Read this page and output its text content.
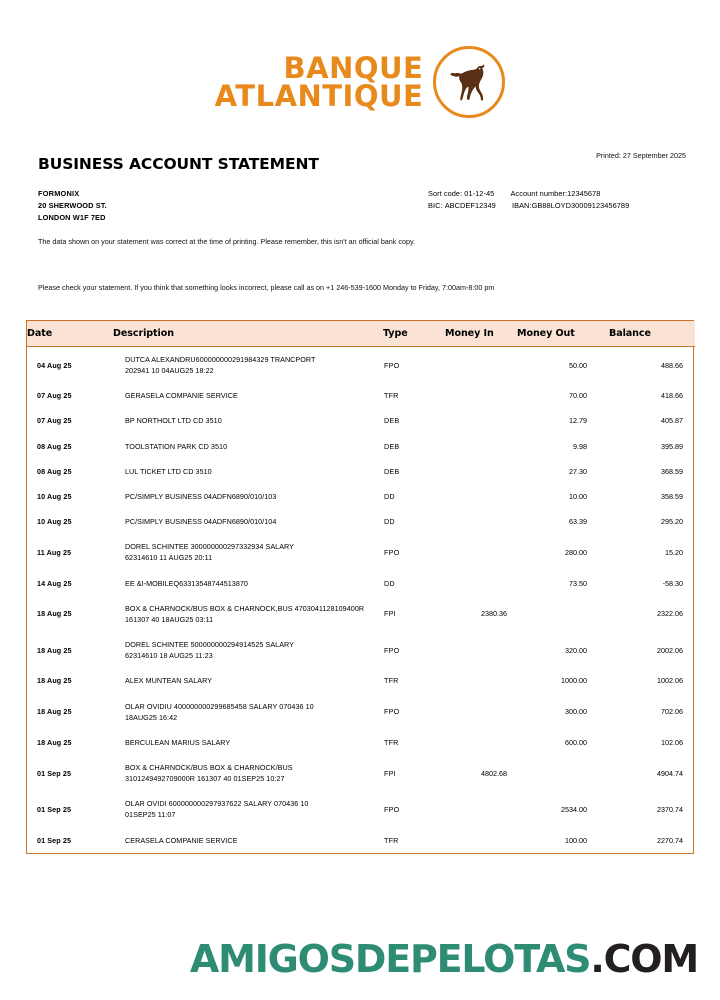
BANQUE
ATLANTIQUE
BUSINESS ACCOUNT STATEMENT	Printed: 27 September 2025
FORMONIX
20 SHERWOOD ST.
LONDON W1F 7ED
Sort code: 01-12-45 Account number:12345678
BIC: ABCDEF12349 IBAN:GB88LOYD30009123456789
The data shown on your statement was correct at the time of printing. Please remember, this isn't an official bank copy.
Please check your statement. If you think that something looks incorrect, please call as on +1 246-539-1600 Monday to Friday, 7:00am-8:00 pm
Date	Description	Type	Money In	Money Out	Balance
04 Aug 25	DUTCA ALEXANDRU600000000291984329 TRANCPORT
202941 10 04AUG25 18:22	FPO		50.00	488.66
07 Aug 25	GERASELA COMPANIE SERVICE	TFR		70.00	418.66
07 Aug 25	BP NORTHOLT LTD CD 3510	DEB		12.79	405.87
08 Aug 25	TOOLSTATION PARK CD 3510	DEB		9.98	395.89
08 Aug 25	LUL TICKET LTD CD 3510	DEB		27.30	368.59
10 Aug 25	PC/SIMPLY BUSINESS 04ADFN6890/010/103	DD		10.00	358.59
10 Aug 25	PC/SIMPLY BUSINESS 04ADFN6890/010/104	DD		63.39	295.20
11 Aug 25	DOREL SCHINTEE 300000000297332934 SALARY
62314610 11 AUG25 20:11	FPO		280.00	15.20
14 Aug 25	EE &I-MOBILEQ63313548744513870	DD		73.50	-58.30
18 Aug 25	BOX & CHARNOCK/BUS BOX & CHARNOCK,BUS 4703041128109400R
161307 40 18AUG25 03:11	FPI	2380.36		2322.06
18 Aug 25	DOREL SCHINTEE 500000000294914525 SALARY
62314610 18 AUG25 11:23	FPO		320.00	2002.06
18 Aug 25	ALEX MUNTEAN SALARY	TFR		1000.00	1002.06
18 Aug 25	OLAR OVIDIU 400000000299685458 SALARY 070436 10
18AUG25 16:42	FPO		300.00	702.06
18 Aug 25	BERCULEAN MARIUS SALARY	TFR		600.00	102.06
01 Sep 25	BOX & CHARNOCK/BUS BOX & CHARNOCK/BUS
3101249492709000R 161307 40 01SEP25 10:27	FPI	4802.68		4904.74
01 Sep 25	OLAR OVIDI 600000000297937622 SALARY 070436 10
01SEP25 11:07	FPO		2534.00	2370.74
01 Sep 25	CERASELA COMPANIE SERVICE	TFR		100.00	2270.74
AMIGOSDEPELOTAS.COM
